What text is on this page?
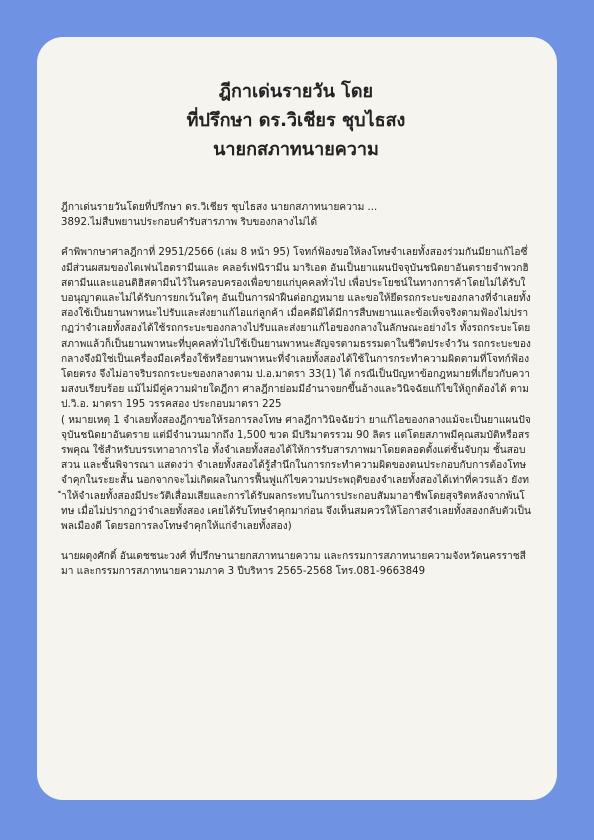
ฎีกาเด่นรายวัน โดย
ที่ปรึกษา ดร.วิเชียร ชุบไธสง
นายกสภาทนายความ
ฎีกาเด่นรายวันโดยที่ปรึกษา ดร.วิเชียร ชุบไธสง นายกสภาทนายความ ...
3892.ไม่สืบพยานประกอบคำรับสารภาพ ริบของกลางไม่ได้
คำพิพากษาศาลฎีกาที่ 2951/2566 (เล่ม 8 หน้า 95) โจทก์ฟ้องขอให้ลงโทษจำเลยทั้งสองร่วมกันมียาแก้ไอซึ่งมีส่วนผสมของไดเฟนไฮดรามีนและ คลอร์เฟนิรามีน มาริเอต อันเป็นยาแผนปัจจุบันชนิดยาอันตรายจำพวกฮิสตามีนและแอนติฮิสตามีนไว้ในครอบครองเพื่อขายแก่บุคคลทั่วไป เพื่อประโยชน์ในทางการค้าโดยไม่ได้รับใบอนุญาตและไม่ได้รับการยกเว้นใดๆ อันเป็นการฝ่าฝืนต่อกฎหมาย และขอให้ยึดรถกระบะของกลางที่จำเลยทั้งสองใช้เป็นยานพาหนะไปรับและส่งยาแก้ไอแก่ลูกค้า เมื่อคดีมิได้มีการสืบพยานและข้อเท็จจริงตามฟ้องไม่ปรากฏว่าจำเลยทั้งสองได้ใช้รถกระบะของกลางไปรับและส่งยาแก้ไอของกลางในลักษณะอย่างไร ทั้งรถกระบะโดยสภาพแล้วก็เป็นยานพาหนะที่บุคคลทั่วไปใช้เป็นยานพาหนะสัญจรตามธรรมดาในชีวิตประจำวัน รถกระบะของกลางจึงมิใช่เป็นเครื่องมือเครื่องใช้หรือยานพาหนะที่จำเลยทั้งสองได้ใช้ในการกระทำความผิดตามที่โจทก์ฟ้องโดยตรง จึงไม่อาจริบรถกระบะของกลางตาม ป.อ.มาตรา 33(1) ได้ กรณีเป็นปัญหาข้อกฎหมายที่เกี่ยวกับความสงบเรียบร้อย แม้ไม่มีคู่ความฝ่ายใดฎีกา ศาลฎีกาย่อมมีอำนาจยกขึ้นอ้างและวินิจฉัยแก้ไขให้ถูกต้องได้ ตาม ป.วิ.อ. มาตรา 195 วรรคสอง ประกอบมาตรา 225
( หมายเหตุ 1 จำเลยทั้งสองฎีกาขอให้รอการลงโทษ ศาลฎีกาวินิจฉัยว่า ยาแก้ไอของกลางแม้จะเป็นยาแผนปัจจุบันชนิดยาอันตราย แต่มีจำนวนมากถึง 1,500 ขวด มีปริมาตรรวม 90 ลิตร แต่โดยสภาพมีคุณสมบัติหรือสรรพคุณ ใช้สำหรับบรรเทาอาการไอ ทั้งจำเลยทั้งสองได้ให้การรับสารภาพมาโดยตลอดตั้งแต่ชั้นจับกุม ชั้นสอบสวน และชั้นพิจารณา แสดงว่า จำเลยทั้งสองได้รู้สำนึกในการกระทำความผิดของตนประกอบกับการต้องโทษจำคุกในระยะสั้น นอกจากจะไม่เกิดผลในการฟื้นฟูแก้ไขความประพฤติของจำเลยทั้งสองได้เท่าที่ควรแล้ว ยังทำให้จำเลยทั้งสองมีประวัติเสื่อมเสียและการได้รับผลกระทบในการประกอบสัมมาอาชีพโดยสุจริตหลังจากพ้นโทษ เมื่อไม่ปรากฏว่าจำเลยทั้งสอง เคยได้รับโทษจำคุกมาก่อน จึงเห็นสมควรให้โอกาสจำเลยทั้งสองกลับตัวเป็นพลเมืองดี โดยรอการลงโทษจำคุกให้แก่จำเลยทั้งสอง)
นายผดุงศักดิ์ อันเดชชนะวงศ์ ที่ปรึกษานายกสภาทนายความ และกรรมการสภาทนายความจังหวัดนครราชสีมา และกรรมการสภาทนายความภาค 3 ปีบริหาร 2565-2568 โทร.081-9663849
